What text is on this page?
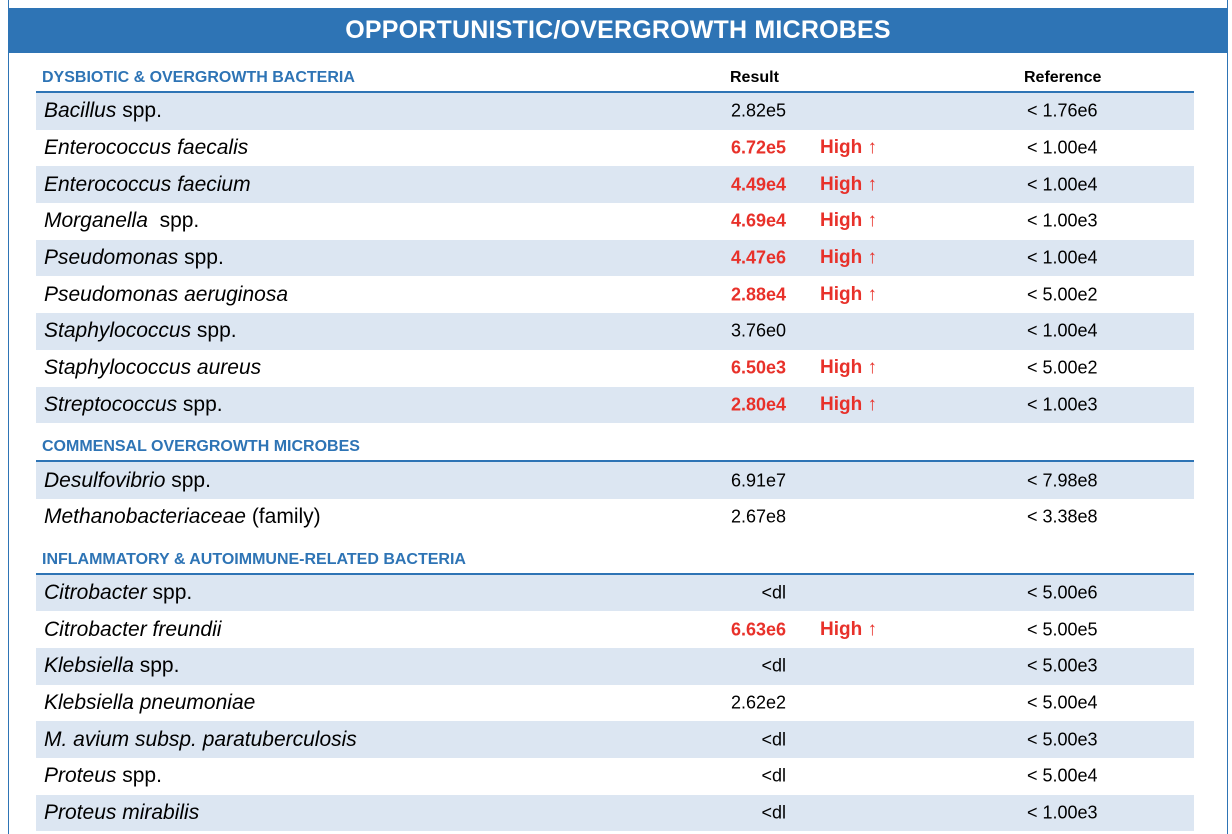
OPPORTUNISTIC/OVERGROWTH MICROBES
DYSBIOTIC & OVERGROWTH BACTERIA	Result	Reference
Bacillus spp.	2.82e5	< 1.76e6
Enterococcus faecalis	6.72e5 High ↑	< 1.00e4
Enterococcus faecium	4.49e4 High ↑	< 1.00e4
Morganella  spp.	4.69e4 High ↑	< 1.00e3
Pseudomonas spp.	4.47e6 High ↑	< 1.00e4
Pseudomonas aeruginosa	2.88e4 High ↑	< 5.00e2
Staphylococcus spp.	3.76e0	< 1.00e4
Staphylococcus aureus	6.50e3 High ↑	< 5.00e2
Streptococcus spp.	2.80e4 High ↑	< 1.00e3
COMMENSAL OVERGROWTH MICROBES
Desulfovibrio spp.	6.91e7	< 7.98e8
Methanobacteriaceae (family)	2.67e8	< 3.38e8
INFLAMMATORY & AUTOIMMUNE-RELATED BACTERIA
Citrobacter spp.	<dl	< 5.00e6
Citrobacter freundii	6.63e6 High ↑	< 5.00e5
Klebsiella spp.	<dl	< 5.00e3
Klebsiella pneumoniae	2.62e2	< 5.00e4
M. avium subsp. paratuberculosis	<dl	< 5.00e3
Proteus spp.	<dl	< 5.00e4
Proteus mirabilis	<dl	< 1.00e3
